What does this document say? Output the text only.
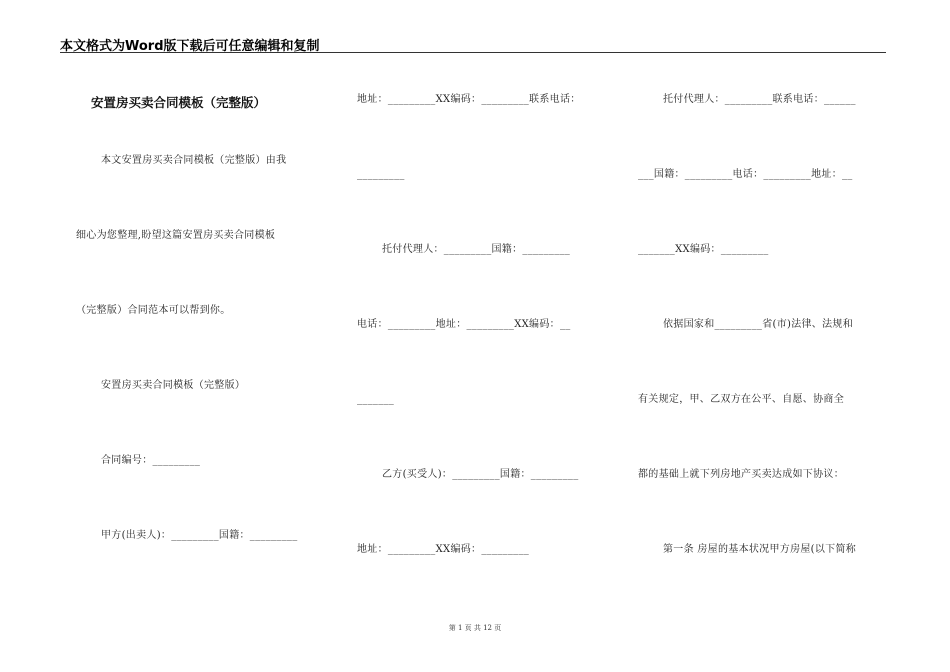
本文格式为Word版下载后可任意编辑和复制
安置房买卖合同模板（完整版）
本文安置房买卖合同模板（完整版）由我
细心为您整理,盼望这篇安置房买卖合同模板
（完整版）合同范本可以帮到你。
安置房买卖合同模板（完整版）
合同编号：_________
甲方(出卖人)：_________国籍：_________
地址：_________XX编码：_________联系电话：
_________
托付代理人：_________国籍：_________
电话：_________地址：_________XX编码：__
_______
乙方(买受人)：_________国籍：_________
地址：_________XX编码：_________
托付代理人：_________联系电话：______
___国籍：_________电话：_________地址：__
_______XX编码：_________
依据国家和_________省(市)法律、法规和
有关规定，甲、乙双方在公平、自愿、协商全
都的基础上就下列房地产买卖达成如下协议：
第一条 房屋的基本状况甲方房屋(以下简称
第 1 页 共 12 页
